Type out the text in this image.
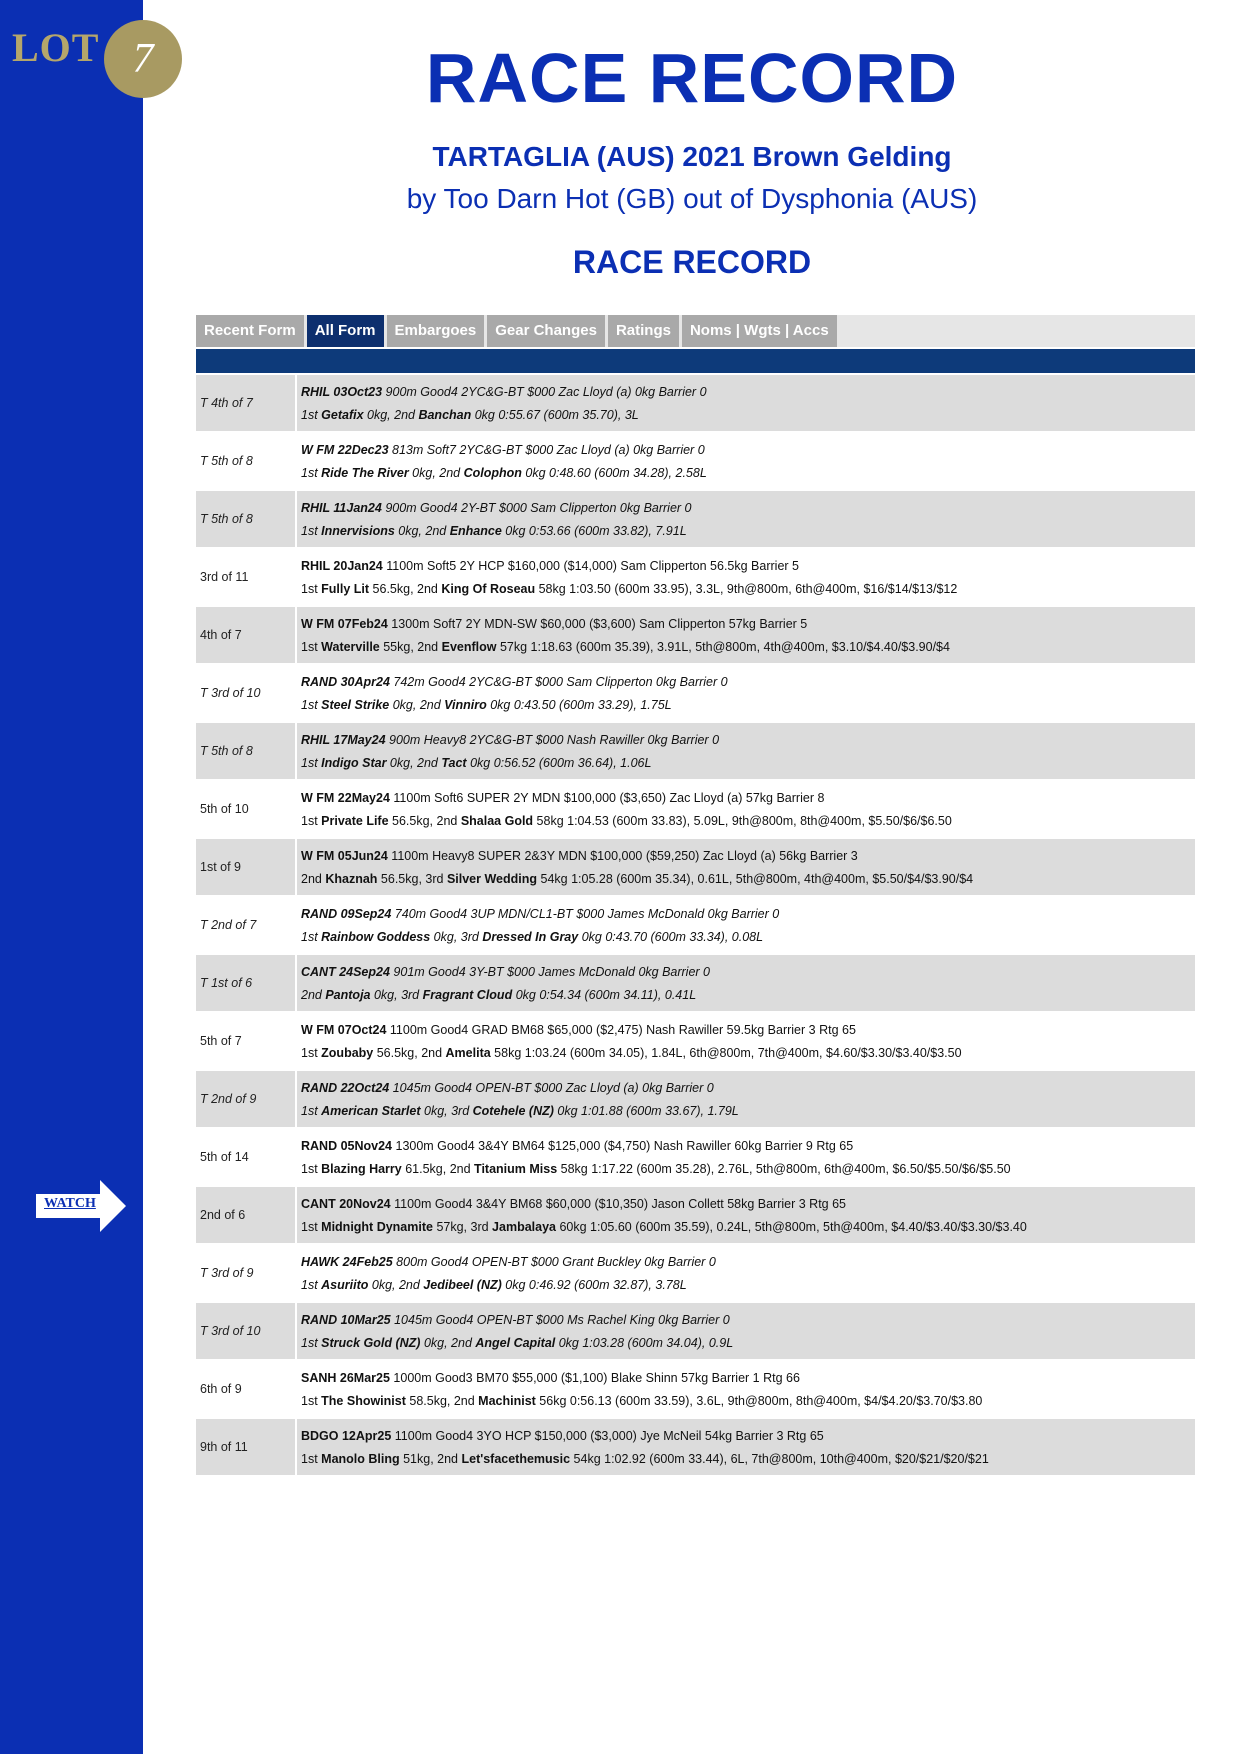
LOT 7
WATCH
RACE RECORD
TARTAGLIA (AUS) 2021 Brown Gelding
by Too Darn Hot (GB) out of Dysphonia (AUS)
RACE RECORD
Recent Form	All Form	Embargoes	Gear Changes	Ratings	Noms | Wgts | Accs
T 4th of 7
RHIL 03Oct23 900m Good4 2YC&G-BT $000 Zac Lloyd (a) 0kg Barrier 0
1st Getafix 0kg, 2nd Banchan 0kg 0:55.67 (600m 35.70), 3L
T 5th of 8
W FM 22Dec23 813m Soft7 2YC&G-BT $000 Zac Lloyd (a) 0kg Barrier 0
1st Ride The River 0kg, 2nd Colophon 0kg 0:48.60 (600m 34.28), 2.58L
T 5th of 8
RHIL 11Jan24 900m Good4 2Y-BT $000 Sam Clipperton 0kg Barrier 0
1st Innervisions 0kg, 2nd Enhance 0kg 0:53.66 (600m 33.82), 7.91L
3rd of 11
RHIL 20Jan24 1100m Soft5 2Y HCP $160,000 ($14,000) Sam Clipperton 56.5kg Barrier 5
1st Fully Lit 56.5kg, 2nd King Of Roseau 58kg 1:03.50 (600m 33.95), 3.3L, 9th@800m, 6th@400m, $16/$14/$13/$12
4th of 7
W FM 07Feb24 1300m Soft7 2Y MDN-SW $60,000 ($3,600) Sam Clipperton 57kg Barrier 5
1st Waterville 55kg, 2nd Evenflow 57kg 1:18.63 (600m 35.39), 3.91L, 5th@800m, 4th@400m, $3.10/$4.40/$3.90/$4
T 3rd of 10
RAND 30Apr24 742m Good4 2YC&G-BT $000 Sam Clipperton 0kg Barrier 0
1st Steel Strike 0kg, 2nd Vinniro 0kg 0:43.50 (600m 33.29), 1.75L
T 5th of 8
RHIL 17May24 900m Heavy8 2YC&G-BT $000 Nash Rawiller 0kg Barrier 0
1st Indigo Star 0kg, 2nd Tact 0kg 0:56.52 (600m 36.64), 1.06L
5th of 10
W FM 22May24 1100m Soft6 SUPER 2Y MDN $100,000 ($3,650) Zac Lloyd (a) 57kg Barrier 8
1st Private Life 56.5kg, 2nd Shalaa Gold 58kg 1:04.53 (600m 33.83), 5.09L, 9th@800m, 8th@400m, $5.50/$6/$6.50
1st of 9
W FM 05Jun24 1100m Heavy8 SUPER 2&3Y MDN $100,000 ($59,250) Zac Lloyd (a) 56kg Barrier 3
2nd Khaznah 56.5kg, 3rd Silver Wedding 54kg 1:05.28 (600m 35.34), 0.61L, 5th@800m, 4th@400m, $5.50/$4/$3.90/$4
T 2nd of 7
RAND 09Sep24 740m Good4 3UP MDN/CL1-BT $000 James McDonald 0kg Barrier 0
1st Rainbow Goddess 0kg, 3rd Dressed In Gray 0kg 0:43.70 (600m 33.34), 0.08L
T 1st of 6
CANT 24Sep24 901m Good4 3Y-BT $000 James McDonald 0kg Barrier 0
2nd Pantoja 0kg, 3rd Fragrant Cloud 0kg 0:54.34 (600m 34.11), 0.41L
5th of 7
W FM 07Oct24 1100m Good4 GRAD BM68 $65,000 ($2,475) Nash Rawiller 59.5kg Barrier 3 Rtg 65
1st Zoubaby 56.5kg, 2nd Amelita 58kg 1:03.24 (600m 34.05), 1.84L, 6th@800m, 7th@400m, $4.60/$3.30/$3.40/$3.50
T 2nd of 9
RAND 22Oct24 1045m Good4 OPEN-BT $000 Zac Lloyd (a) 0kg Barrier 0
1st American Starlet 0kg, 3rd Cotehele (NZ) 0kg 1:01.88 (600m 33.67), 1.79L
5th of 14
RAND 05Nov24 1300m Good4 3&4Y BM64 $125,000 ($4,750) Nash Rawiller 60kg Barrier 9 Rtg 65
1st Blazing Harry 61.5kg, 2nd Titanium Miss 58kg 1:17.22 (600m 35.28), 2.76L, 5th@800m, 6th@400m, $6.50/$5.50/$6/$5.50
2nd of 6
CANT 20Nov24 1100m Good4 3&4Y BM68 $60,000 ($10,350) Jason Collett 58kg Barrier 3 Rtg 65
1st Midnight Dynamite 57kg, 3rd Jambalaya 60kg 1:05.60 (600m 35.59), 0.24L, 5th@800m, 5th@400m, $4.40/$3.40/$3.30/$3.40
T 3rd of 9
HAWK 24Feb25 800m Good4 OPEN-BT $000 Grant Buckley 0kg Barrier 0
1st Asuriito 0kg, 2nd Jedibeel (NZ) 0kg 0:46.92 (600m 32.87), 3.78L
T 3rd of 10
RAND 10Mar25 1045m Good4 OPEN-BT $000 Ms Rachel King 0kg Barrier 0
1st Struck Gold (NZ) 0kg, 2nd Angel Capital 0kg 1:03.28 (600m 34.04), 0.9L
6th of 9
SANH 26Mar25 1000m Good3 BM70 $55,000 ($1,100) Blake Shinn 57kg Barrier 1 Rtg 66
1st The Showinist 58.5kg, 2nd Machinist 56kg 0:56.13 (600m 33.59), 3.6L, 9th@800m, 8th@400m, $4/$4.20/$3.70/$3.80
9th of 11
BDGO 12Apr25 1100m Good4 3YO HCP $150,000 ($3,000) Jye McNeil 54kg Barrier 3 Rtg 65
1st Manolo Bling 51kg, 2nd Let'sfacethemusic 54kg 1:02.92 (600m 33.44), 6L, 7th@800m, 10th@400m, $20/$21/$20/$21
